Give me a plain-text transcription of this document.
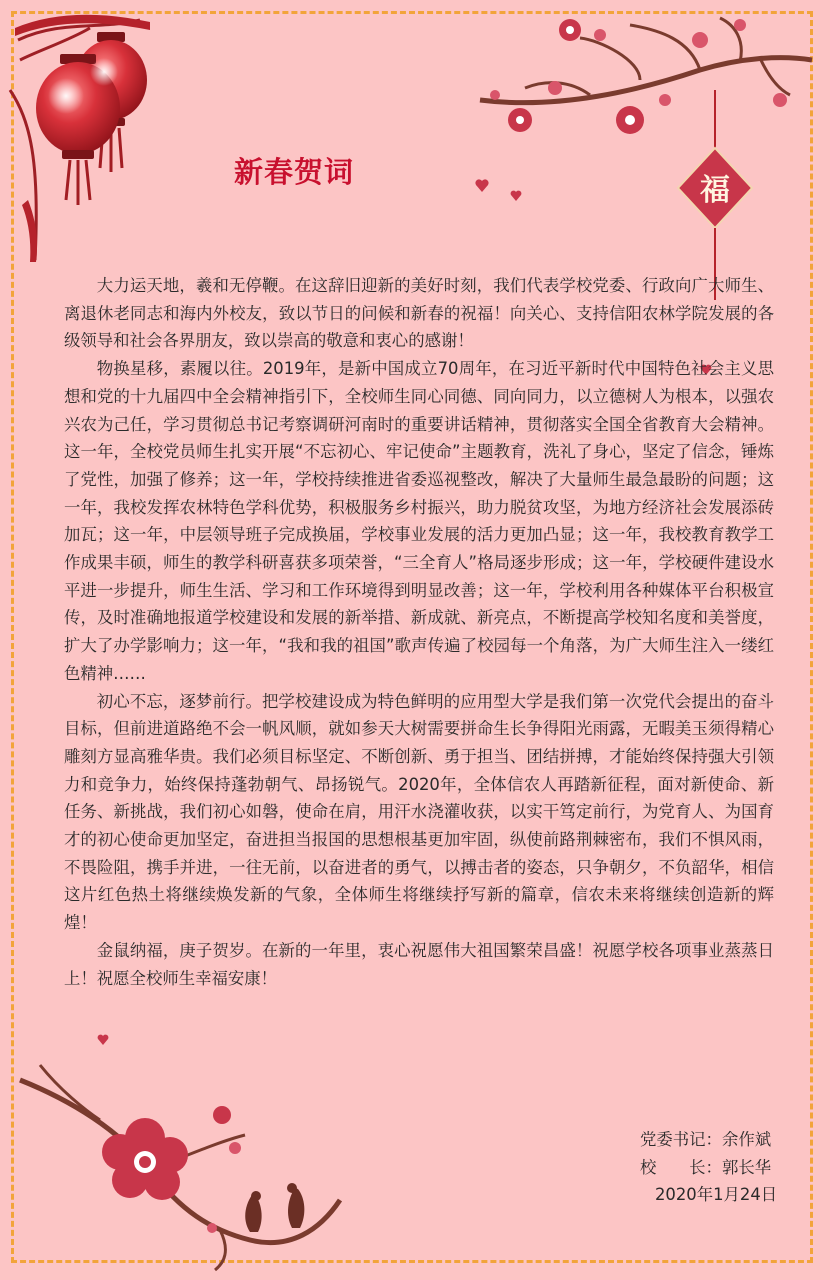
福
新春贺词

大力运天地，羲和无停鞭。在这辞旧迎新的美好时刻，我们代表学校党委、行政向广大师生、离退休老同志和海内外校友，致以节日的问候和新春的祝福！向关心、支持信阳农林学院发展的各级领导和社会各界朋友，致以崇高的敬意和衷心的感谢！

物换星移，素履以往。2019年，是新中国成立70周年，在习近平新时代中国特色社会主义思想和党的十九届四中全会精神指引下，全校师生同心同德、同向同力，以立德树人为根本，以强农兴农为己任，学习贯彻总书记考察调研河南时的重要讲话精神，贯彻落实全国全省教育大会精神。这一年，全校党员师生扎实开展“不忘初心、牢记使命”主题教育，洗礼了身心，坚定了信念，锤炼了党性，加强了修养；这一年，学校持续推进省委巡视整改，解决了大量师生最急最盼的问题；这一年，我校发挥农林特色学科优势，积极服务乡村振兴，助力脱贫攻坚，为地方经济社会发展添砖加瓦；这一年，中层领导班子完成换届，学校事业发展的活力更加凸显；这一年，我校教育教学工作成果丰硕，师生的教学科研喜获多项荣誉，“三全育人”格局逐步形成；这一年，学校硬件建设水平进一步提升，师生生活、学习和工作环境得到明显改善；这一年，学校利用各种媒体平台积极宣传，及时准确地报道学校建设和发展的新举措、新成就、新亮点，不断提高学校知名度和美誉度，扩大了办学影响力；这一年，“我和我的祖国”歌声传遍了校园每一个角落，为广大师生注入一缕红色精神……

初心不忘，逐梦前行。把学校建设成为特色鲜明的应用型大学是我们第一次党代会提出的奋斗目标，但前进道路绝不会一帆风顺，就如参天大树需要拼命生长争得阳光雨露，无暇美玉须得精心雕刻方显高雅华贵。我们必须目标坚定、不断创新、勇于担当、团结拼搏，才能始终保持强大引领力和竞争力，始终保持蓬勃朝气、昂扬锐气。2020年，全体信农人再踏新征程，面对新使命、新任务、新挑战，我们初心如磐，使命在肩，用汗水浇灌收获，以实干笃定前行，为党育人、为国育才的初心使命更加坚定，奋进担当报国的思想根基更加牢固，纵使前路荆棘密布，我们不惧风雨，不畏险阻，携手并进，一往无前，以奋进者的勇气，以搏击者的姿态，只争朝夕，不负韶华，相信这片红色热土将继续焕发新的气象，全体师生将继续抒写新的篇章，信农未来将继续创造新的辉煌！

金鼠纳福，庚子贺岁。在新的一年里，衷心祝愿伟大祖国繁荣昌盛！祝愿学校各项事业蒸蒸日上！祝愿全校师生幸福安康！

党委书记：余作斌
校　　长：郭长华
2020年1月24日
